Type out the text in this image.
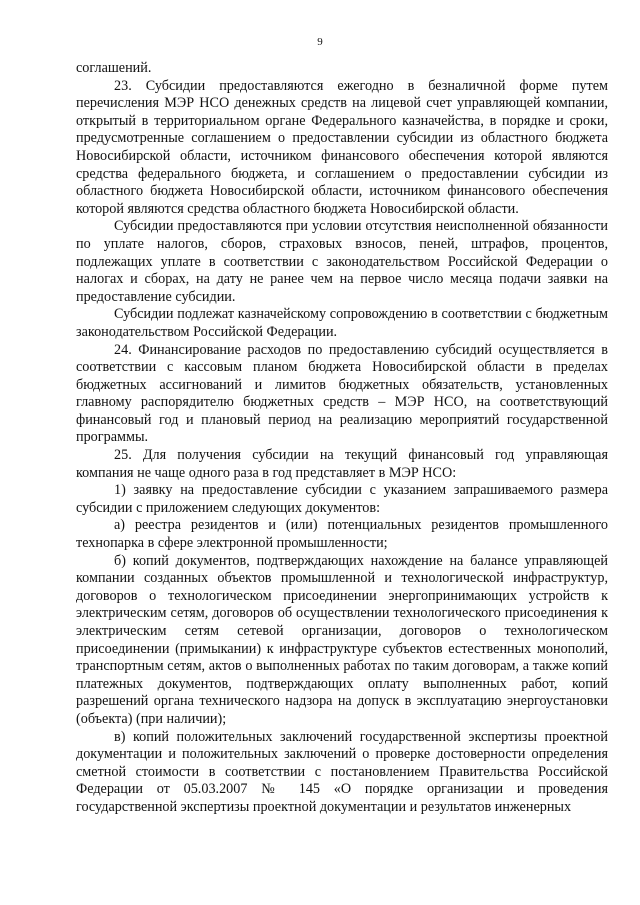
9

соглашений.

23. Субсидии предоставляются ежегодно в безналичной форме путем перечисления МЭР НСО денежных средств на лицевой счет управляющей компании, открытый в территориальном органе Федерального казначейства, в порядке и сроки, предусмотренные соглашением о предоставлении субсидии из областного бюджета Новосибирской области, источником финансового обеспечения которой являются средства федерального бюджета, и соглашением о предоставлении субсидии из областного бюджета Новосибирской области, источником финансового обеспечения которой являются средства областного бюджета Новосибирской области.

Субсидии предоставляются при условии отсутствия неисполненной обязанности по уплате налогов, сборов, страховых взносов, пеней, штрафов, процентов, подлежащих уплате в соответствии с законодательством Российской Федерации о налогах и сборах, на дату не ранее чем на первое число месяца подачи заявки на предоставление субсидии.

Субсидии подлежат казначейскому сопровождению в соответствии с бюджетным законодательством Российской Федерации.

24. Финансирование расходов по предоставлению субсидий осуществляется в соответствии с кассовым планом бюджета Новосибирской области в пределах бюджетных ассигнований и лимитов бюджетных обязательств, установленных главному распорядителю бюджетных средств – МЭР НСО, на соответствующий финансовый год и плановый период на реализацию мероприятий государственной программы.

25. Для получения субсидии на текущий финансовый год управляющая компания не чаще одного раза в год представляет в МЭР НСО:

1) заявку на предоставление субсидии с указанием запрашиваемого размера субсидии с приложением следующих документов:

а) реестра резидентов и (или) потенциальных резидентов промышленного технопарка в сфере электронной промышленности;

б) копий документов, подтверждающих нахождение на балансе управляющей компании созданных объектов промышленной и технологической инфраструктур, договоров о технологическом присоединении энергопринимающих устройств к электрическим сетям, договоров об осуществлении технологического присоединения к электрическим сетям сетевой организации, договоров о технологическом присоединении (примыкании) к инфраструктуре субъектов естественных монополий, транспортным сетям, актов о выполненных работах по таким договорам, а также копий платежных документов, подтверждающих оплату выполненных работ, копий разрешений органа технического надзора на допуск в эксплуатацию энергоустановки (объекта) (при наличии);

в) копий положительных заключений государственной экспертизы проектной документации и положительных заключений о проверке достоверности определения сметной стоимости в соответствии с постановлением Правительства Российской Федерации от 05.03.2007 № 145 «О порядке организации и проведения государственной экспертизы проектной документации и результатов инженерных
